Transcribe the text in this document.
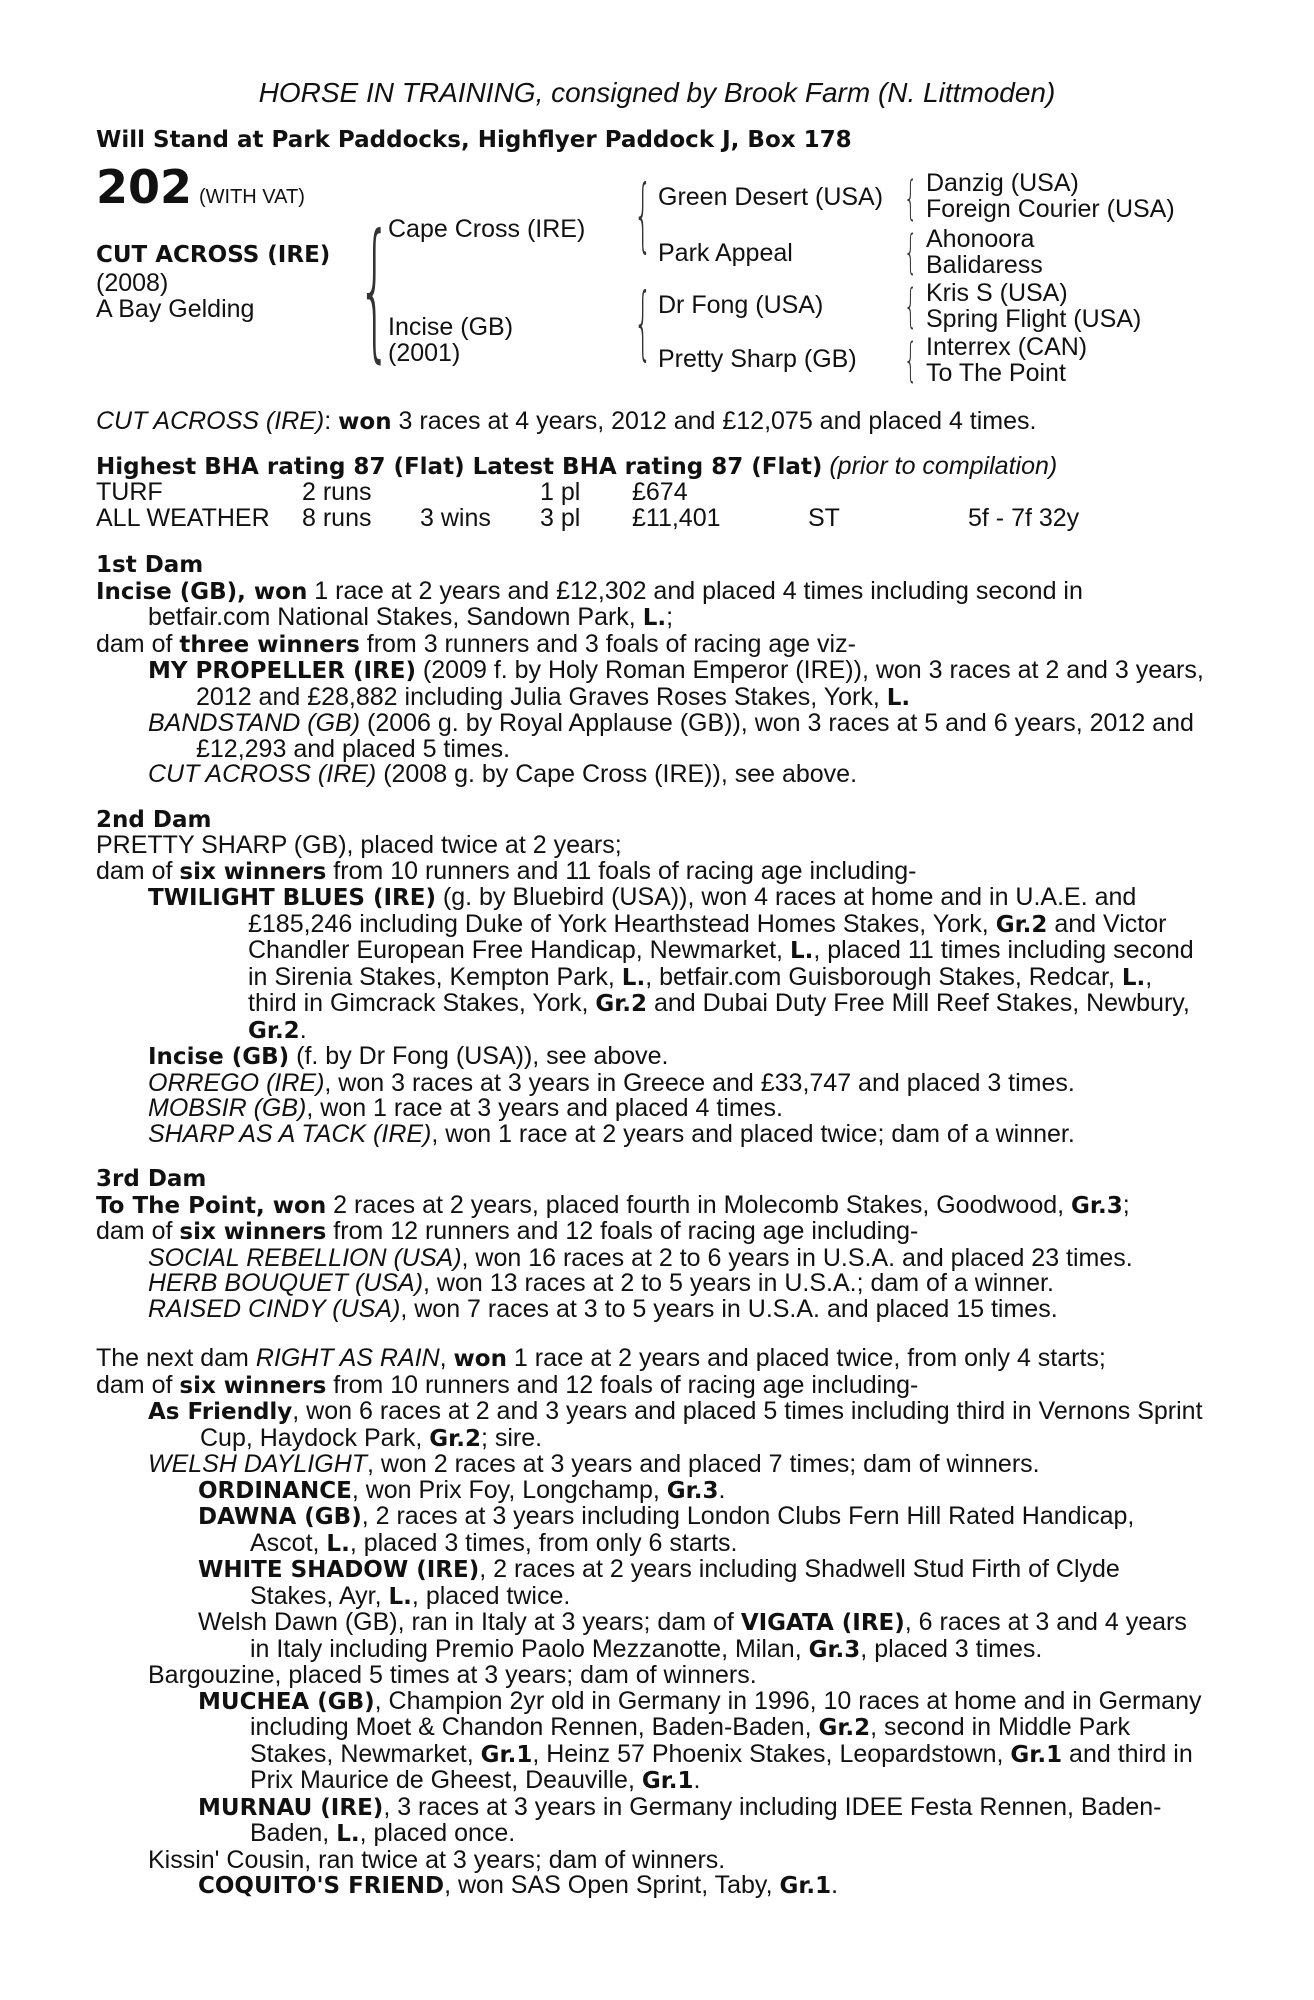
HORSE IN TRAINING, consigned by Brook Farm (N. Littmoden)
Will Stand at Park Paddocks, Highflyer Paddock J, Box 178
202 (WITH VAT)
CUT ACROSS (IRE)
(2008)
A Bay Gelding {
Cape Cross (IRE)
Incise (GB)
(2001)
{
{
Green Desert (USA)
Park Appeal
Dr Fong (USA)
Pretty Sharp (GB)
{
{
{
{
Danzig (USA)
Foreign Courier (USA)
Ahonoora
Balidaress
Kris S (USA)
Spring Flight (USA)
Interrex (CAN)
To The Point

CUT ACROSS (IRE): won 3 races at 4 years, 2012 and £12,075 and placed 4 times.

Highest BHA rating 87 (Flat) Latest BHA rating 87 (Flat) (prior to compilation)

TURF	2 runs	1 pl	£674
ALL WEATHER	8 runs	3 wins	3 pl	£11,401	ST	5f - 7f 32y

1st Dam

Incise (GB), won 1 race at 2 years and £12,302 and placed 4 times including second in betfair.com National Stakes, Sandown Park, L.;

dam of three winners from 3 runners and 3 foals of racing age viz-

MY PROPELLER (IRE) (2009 f. by Holy Roman Emperor (IRE)), won 3 races at 2 and 3 years, 2012 and £28,882 including Julia Graves Roses Stakes, York, L.

BANDSTAND (GB) (2006 g. by Royal Applause (GB)), won 3 races at 5 and 6 years, 2012 and £12,293 and placed 5 times.

CUT ACROSS (IRE) (2008 g. by Cape Cross (IRE)), see above.

2nd Dam

PRETTY SHARP (GB), placed twice at 2 years;

dam of six winners from 10 runners and 11 foals of racing age including-

TWILIGHT BLUES (IRE) (g. by Bluebird (USA)), won 4 races at home and in U.A.E. and £185,246 including Duke of York Hearthstead Homes Stakes, York, Gr.2 and Victor Chandler European Free Handicap, Newmarket, L., placed 11 times including second in Sirenia Stakes, Kempton Park, L., betfair.com Guisborough Stakes, Redcar, L., third in Gimcrack Stakes, York, Gr.2 and Dubai Duty Free Mill Reef Stakes, Newbury, Gr.2.

Incise (GB) (f. by Dr Fong (USA)), see above.

ORREGO (IRE), won 3 races at 3 years in Greece and £33,747 and placed 3 times.

MOBSIR (GB), won 1 race at 3 years and placed 4 times.

SHARP AS A TACK (IRE), won 1 race at 2 years and placed twice; dam of a winner.

3rd Dam

To The Point, won 2 races at 2 years, placed fourth in Molecomb Stakes, Goodwood, Gr.3;

dam of six winners from 12 runners and 12 foals of racing age including-

SOCIAL REBELLION (USA), won 16 races at 2 to 6 years in U.S.A. and placed 23 times.

HERB BOUQUET (USA), won 13 races at 2 to 5 years in U.S.A.; dam of a winner.

RAISED CINDY (USA), won 7 races at 3 to 5 years in U.S.A. and placed 15 times.

The next dam RIGHT AS RAIN, won 1 race at 2 years and placed twice, from only 4 starts;

dam of six winners from 10 runners and 12 foals of racing age including-

As Friendly, won 6 races at 2 and 3 years and placed 5 times including third in Vernons Sprint Cup, Haydock Park, Gr.2; sire.

WELSH DAYLIGHT, won 2 races at 3 years and placed 7 times; dam of winners.

ORDINANCE, won Prix Foy, Longchamp, Gr.3.

DAWNA (GB), 2 races at 3 years including London Clubs Fern Hill Rated Handicap, Ascot, L., placed 3 times, from only 6 starts.

WHITE SHADOW (IRE), 2 races at 2 years including Shadwell Stud Firth of Clyde Stakes, Ayr, L., placed twice.

Welsh Dawn (GB), ran in Italy at 3 years; dam of VIGATA (IRE), 6 races at 3 and 4 years in Italy including Premio Paolo Mezzanotte, Milan, Gr.3, placed 3 times.

Bargouzine, placed 5 times at 3 years; dam of winners.

MUCHEA (GB), Champion 2yr old in Germany in 1996, 10 races at home and in Germany including Moet & Chandon Rennen, Baden-Baden, Gr.2, second in Middle Park Stakes, Newmarket, Gr.1, Heinz 57 Phoenix Stakes, Leopardstown, Gr.1 and third in Prix Maurice de Gheest, Deauville, Gr.1.

MURNAU (IRE), 3 races at 3 years in Germany including IDEE Festa Rennen, Baden-Baden, L., placed once.

Kissin' Cousin, ran twice at 3 years; dam of winners.

COQUITO'S FRIEND, won SAS Open Sprint, Taby, Gr.1.
